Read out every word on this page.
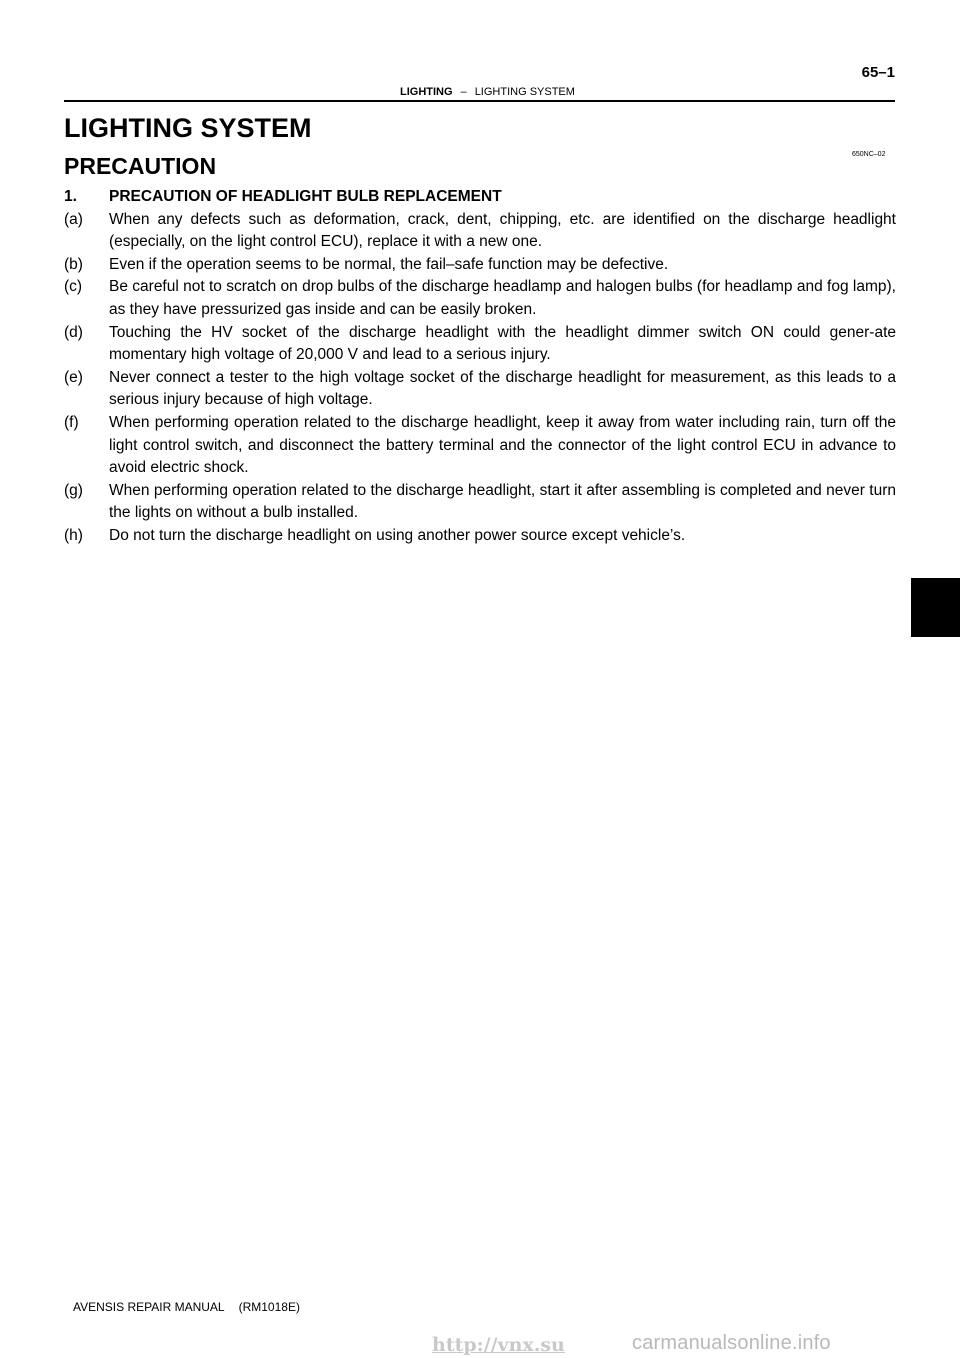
65–1
LIGHTING – LIGHTING SYSTEM
LIGHTING SYSTEM
650NC–02
PRECAUTION
1.	PRECAUTION OF HEADLIGHT BULB REPLACEMENT
(a)	When any defects such as deformation, crack, dent, chipping, etc. are identified on the discharge headlight (especially, on the light control ECU), replace it with a new one.
(b)	Even if the operation seems to be normal, the fail–safe function may be defective.
(c)	Be careful not to scratch on drop bulbs of the discharge headlamp and halogen bulbs (for headlamp and fog lamp), as they have pressurized gas inside and can be easily broken.
(d)	Touching the HV socket of the discharge headlight with the headlight dimmer switch ON could gener-ate momentary high voltage of 20,000 V and lead to a serious injury.
(e)	Never connect a tester to the high voltage socket of the discharge headlight for measurement, as this leads to a serious injury because of high voltage.
(f)	When performing operation related to the discharge headlight, keep it away from water including rain, turn off the light control switch, and disconnect the battery terminal and the connector of the light control ECU in advance to avoid electric shock.
(g)	When performing operation related to the discharge headlight, start it after assembling is completed and never turn the lights on without a bulb installed.
(h)	Do not turn the discharge headlight on using another power source except vehicle’s.
AVENSIS REPAIR MANUAL (RM1018E)
http://vnx.su	carmanualsonline.info
